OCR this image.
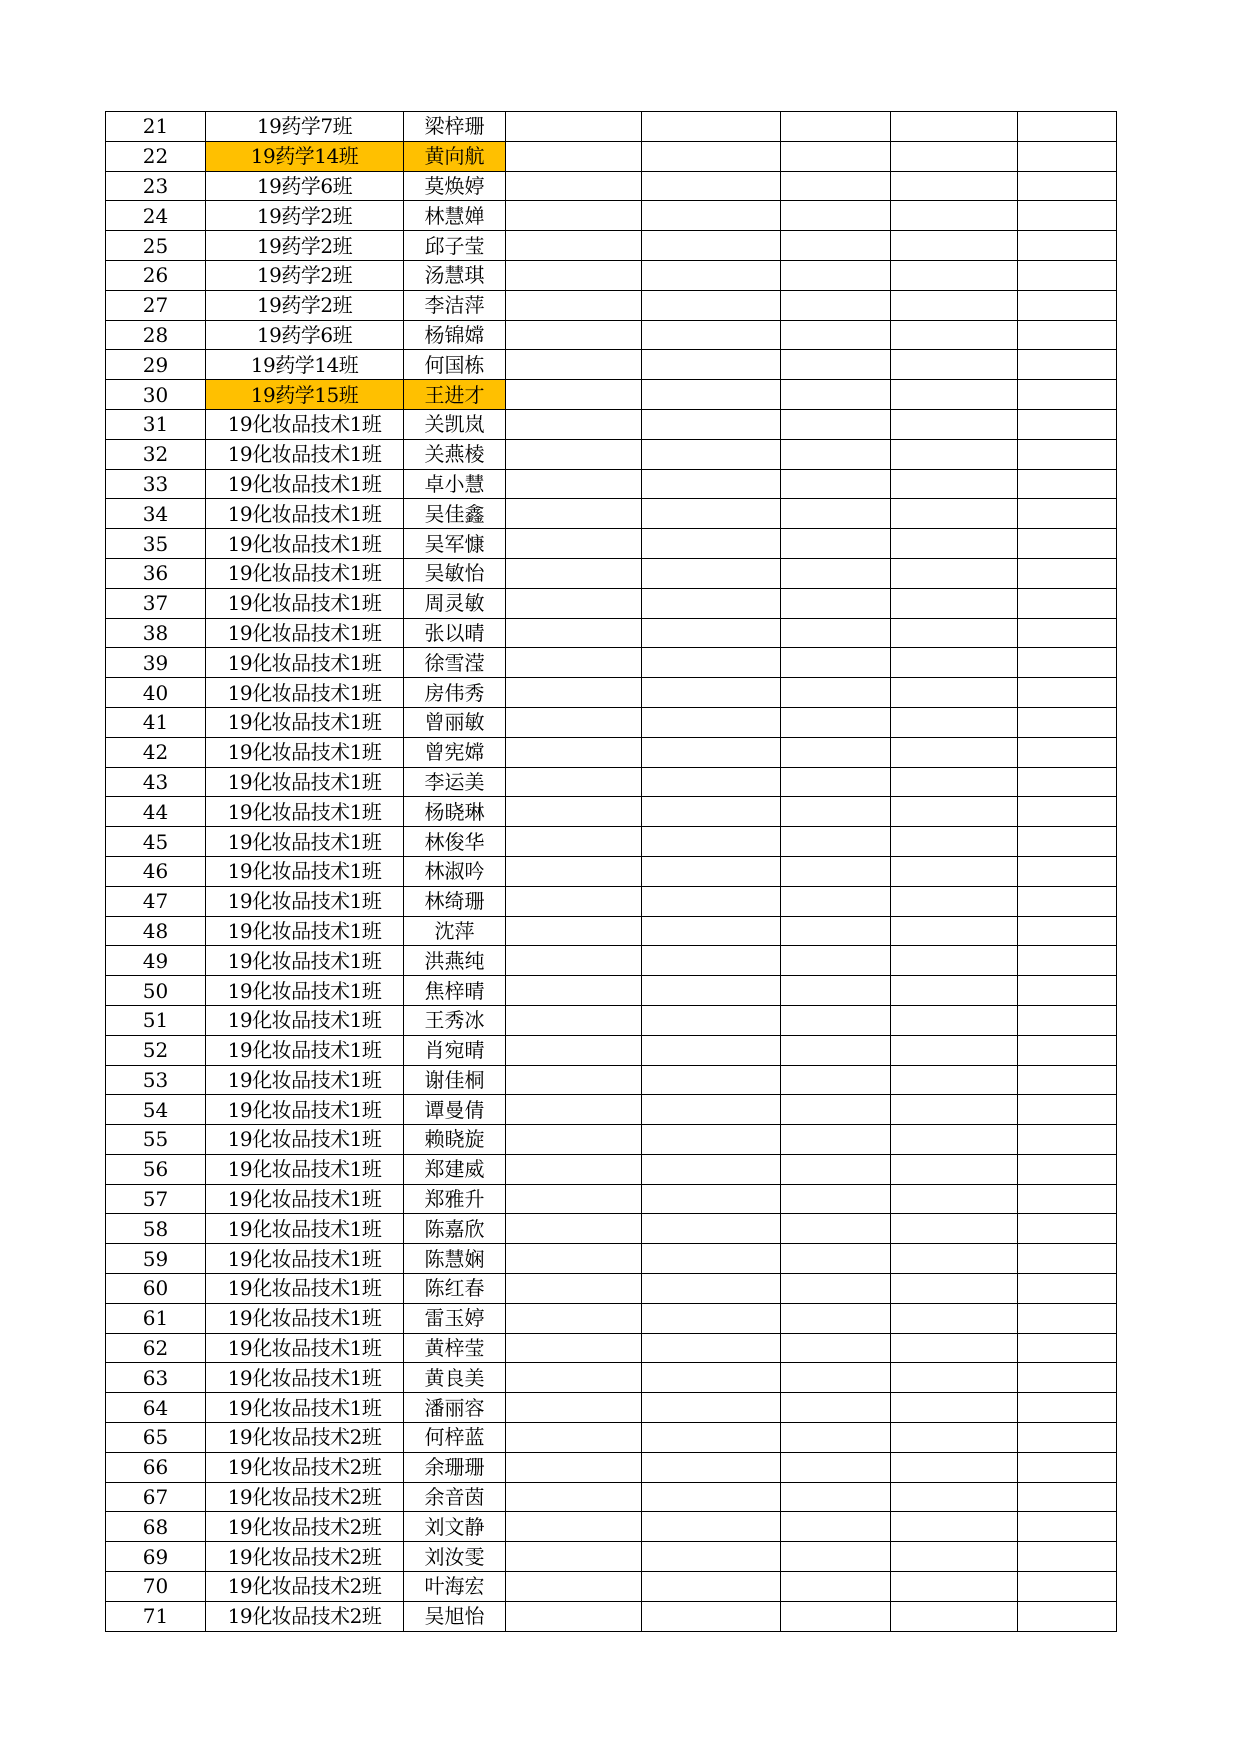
21	19药学7班	梁梓珊					
22	19药学14班	黄向航					
23	19药学6班	莫焕婷					
24	19药学2班	林慧婵					
25	19药学2班	邱子莹					
26	19药学2班	汤慧琪					
27	19药学2班	李洁萍					
28	19药学6班	杨锦嫦					
29	19药学14班	何国栋					
30	19药学15班	王进才					
31	19化妆品技术1班	关凯岚					
32	19化妆品技术1班	关燕棱					
33	19化妆品技术1班	卓小慧					
34	19化妆品技术1班	吴佳鑫					
35	19化妆品技术1班	吴军慷					
36	19化妆品技术1班	吴敏怡					
37	19化妆品技术1班	周灵敏					
38	19化妆品技术1班	张以晴					
39	19化妆品技术1班	徐雪滢					
40	19化妆品技术1班	房伟秀					
41	19化妆品技术1班	曾丽敏					
42	19化妆品技术1班	曾宪嫦					
43	19化妆品技术1班	李运美					
44	19化妆品技术1班	杨晓琳					
45	19化妆品技术1班	林俊华					
46	19化妆品技术1班	林淑吟					
47	19化妆品技术1班	林绮珊					
48	19化妆品技术1班	沈萍					
49	19化妆品技术1班	洪燕纯					
50	19化妆品技术1班	焦梓晴					
51	19化妆品技术1班	王秀冰					
52	19化妆品技术1班	肖宛晴					
53	19化妆品技术1班	谢佳桐					
54	19化妆品技术1班	谭曼倩					
55	19化妆品技术1班	赖晓旋					
56	19化妆品技术1班	郑建威					
57	19化妆品技术1班	郑雅升					
58	19化妆品技术1班	陈嘉欣					
59	19化妆品技术1班	陈慧娴					
60	19化妆品技术1班	陈红春					
61	19化妆品技术1班	雷玉婷					
62	19化妆品技术1班	黄梓莹					
63	19化妆品技术1班	黄良美					
64	19化妆品技术1班	潘丽容					
65	19化妆品技术2班	何梓蓝					
66	19化妆品技术2班	余珊珊					
67	19化妆品技术2班	余音茵					
68	19化妆品技术2班	刘文静					
69	19化妆品技术2班	刘汝雯					
70	19化妆品技术2班	叶海宏					
71	19化妆品技术2班	吴旭怡					
